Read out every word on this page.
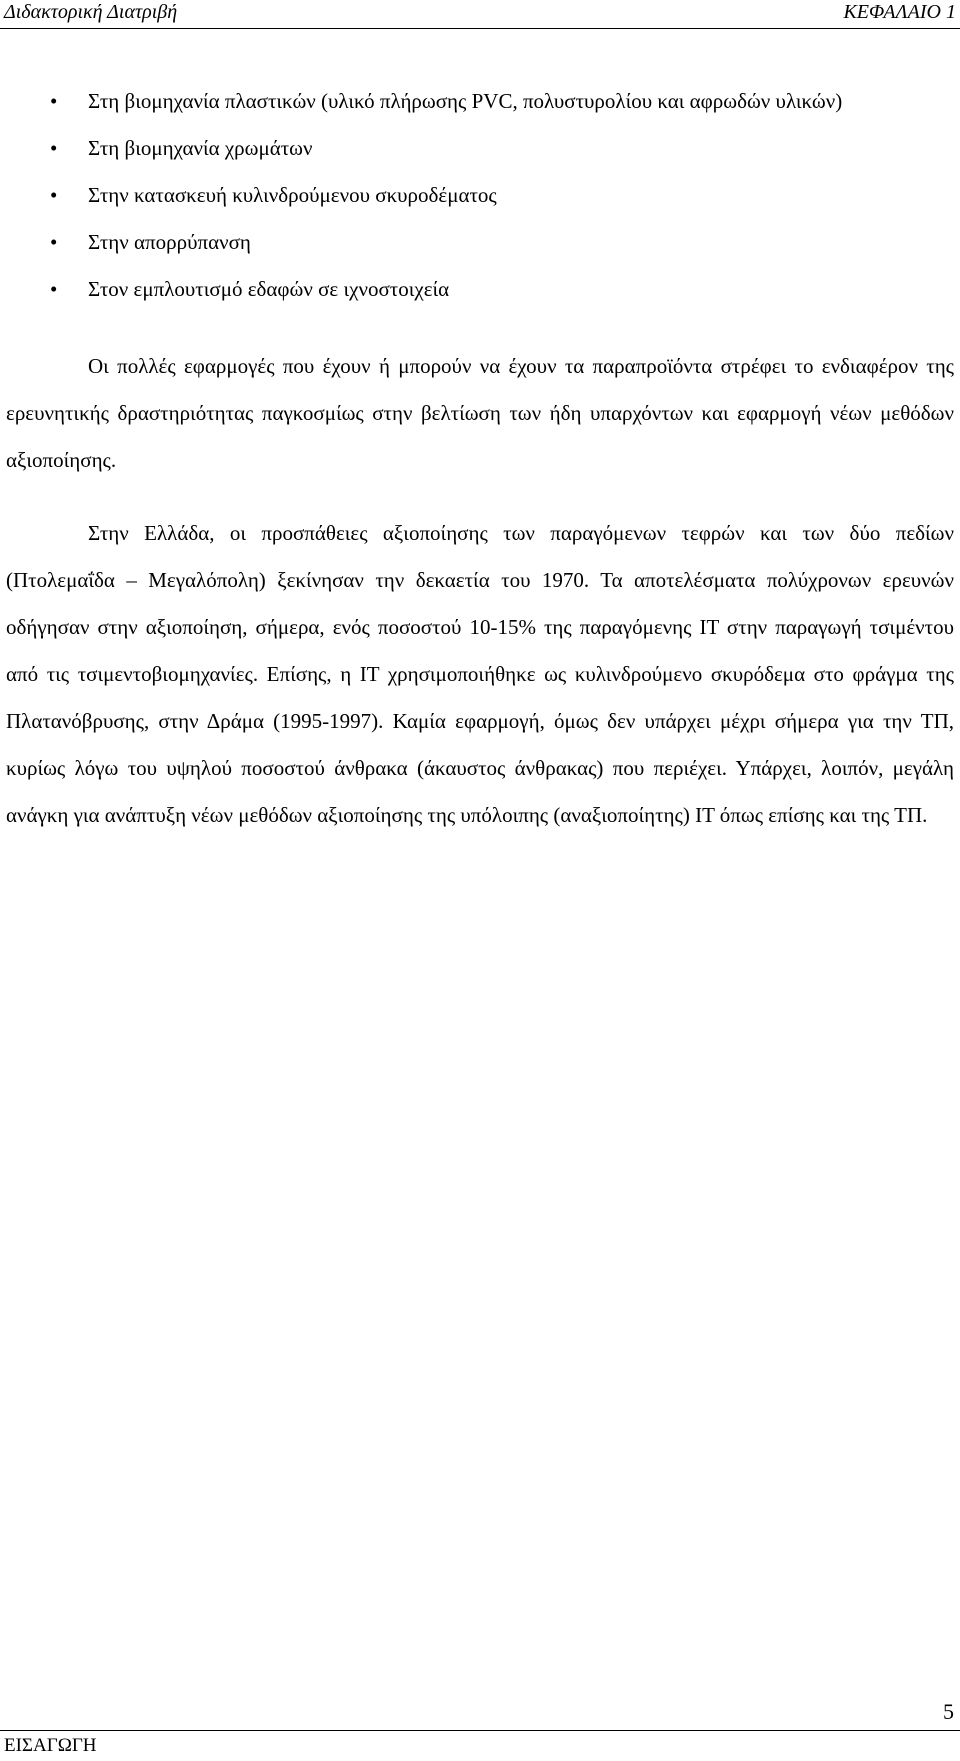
Διδακτορική Διατριβή	ΚΕΦΑΛΑΙΟ 1
• Στη βιομηχανία πλαστικών (υλικό πλήρωσης PVC, πολυστυρολίου και αφρωδών υλικών)
• Στη βιομηχανία χρωμάτων
• Στην κατασκευή κυλινδρούμενου σκυροδέματος
• Στην απορρύπανση
• Στον εμπλουτισμό εδαφών σε ιχνοστοιχεία

Οι πολλές εφαρμογές που έχουν ή μπορούν να έχουν τα παραπροϊόντα στρέφει το ενδιαφέρον της ερευνητικής δραστηριότητας παγκοσμίως στην βελτίωση των ήδη υπαρχόντων και εφαρμογή νέων μεθόδων αξιοποίησης.

Στην Ελλάδα, οι προσπάθειες αξιοποίησης των παραγόμενων τεφρών και των δύο πεδίων (Πτολεμαΐδα – Μεγαλόπολη) ξεκίνησαν την δεκαετία του 1970. Τα αποτελέσματα πολύχρονων ερευνών οδήγησαν στην αξιοποίηση, σήμερα, ενός ποσοστού 10-15% της παραγόμενης ΙΤ στην παραγωγή τσιμέντου από τις τσιμεντοβιομηχανίες. Επίσης, η ΙΤ χρησιμοποιήθηκε ως κυλινδρούμενο σκυρόδεμα στο φράγμα της Πλατανόβρυσης, στην Δράμα (1995-1997). Καμία εφαρμογή, όμως δεν υπάρχει μέχρι σήμερα για την ΤΠ, κυρίως λόγω του υψηλού ποσοστού άνθρακα (άκαυστος άνθρακας) που περιέχει. Υπάρχει, λοιπόν, μεγάλη ανάγκη για ανάπτυξη νέων μεθόδων αξιοποίησης της υπόλοιπης (αναξιοποίητης) ΙΤ όπως επίσης και της ΤΠ.

5
ΕΙΣΑΓΩΓΗ
